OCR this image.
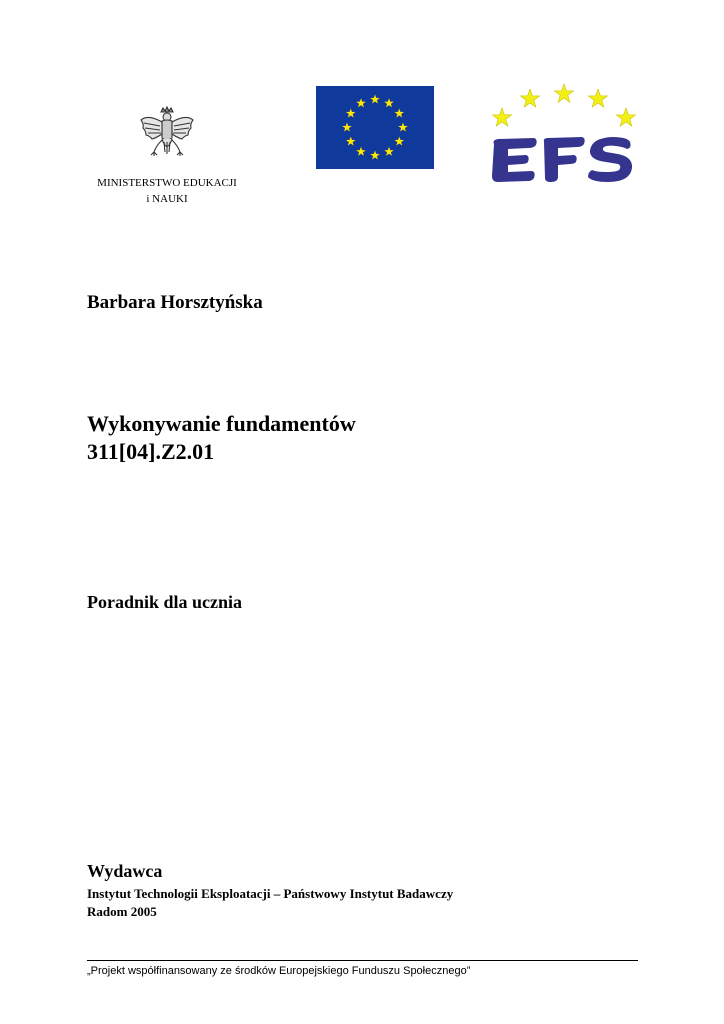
MINISTERSTWO EDUKACJI
i NAUKI
Barbara Horsztyńska
Wykonywanie fundamentów
311[04].Z2.01
Poradnik dla ucznia
Wydawca
Instytut Technologii Eksploatacji – Państwowy Instytut Badawczy
Radom 2005
„Projekt współfinansowany ze środków Europejskiego Funduszu Społecznego”
